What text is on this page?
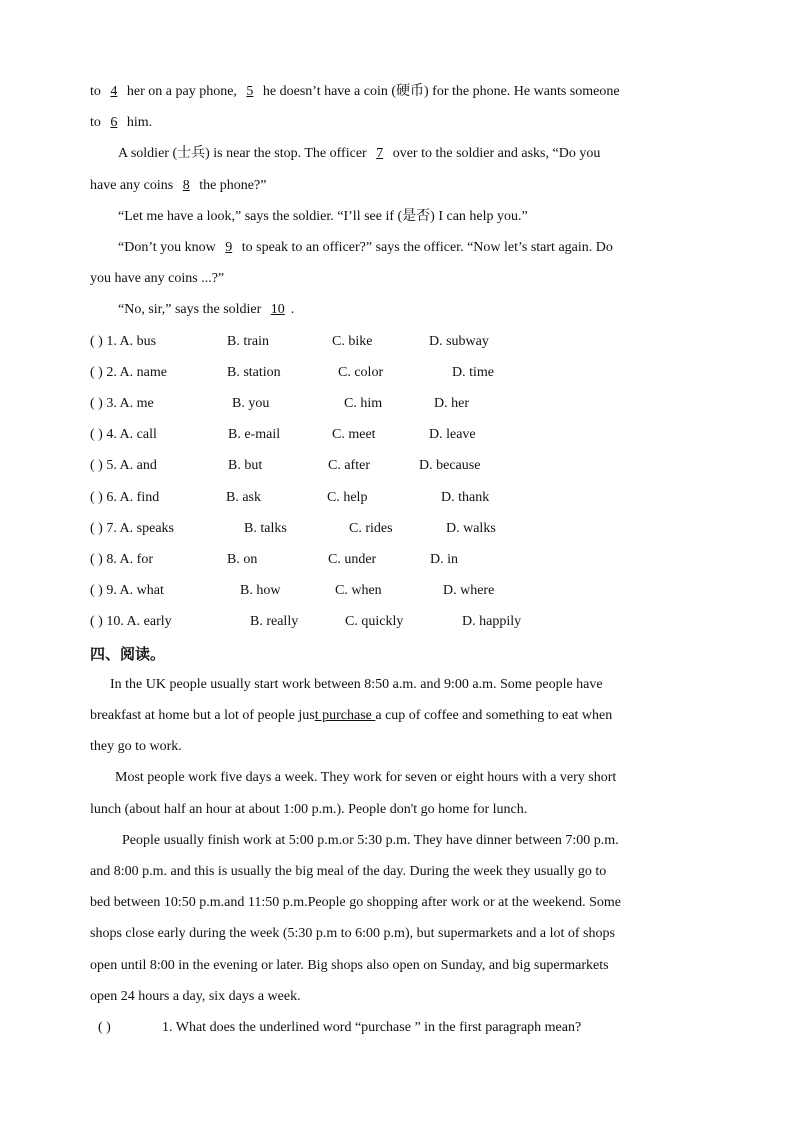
to 4 her on a pay phone, 5 he doesn’t have a coin (硬币) for the phone. He wants someone
to 6 him.
A soldier (士兵) is near the stop. The officer 7 over to the soldier and asks, “Do you
have any coins 8 the phone?”
“Let me have a look,” says the soldier. “I’ll see if (是否) I can help you.”
“Don’t you know 9 to speak to an officer?” says the officer. “Now let’s start again. Do
you have any coins ...?”
“No, sir,” says the soldier 10 .
( ) 1. A. bus	B. train	C. bike	D. subway
( ) 2. A. name	B. station	C. color	D. time
( ) 3. A. me	B. you	C. him	D. her
( ) 4. A. call	B. e-mail	C. meet	D. leave
( ) 5. A. and	B. but	C. after	D. because
( ) 6. A. find	B. ask	C. help	D. thank
( ) 7. A. speaks	B. talks	C. rides	D. walks
( ) 8. A. for	B. on	C. under	D. in
( ) 9. A. what	B. how	C. when	D. where
( ) 10. A. early	B. really	C. quickly	D. happily
四、阅读。
In the UK people usually start work between 8:50 a.m. and 9:00 a.m. Some people have
breakfast at home but a lot of people just purchase a cup of coffee and something to eat when
they go to work.
Most people work five days a week. They work for seven or eight hours with a very short
lunch (about half an hour at about 1:00 p.m.). People don't go home for lunch.
People usually finish work at 5:00 p.m.or 5:30 p.m. They have dinner between 7:00 p.m.
and 8:00 p.m. and this is usually the big meal of the day. During the week they usually go to
bed between 10:50 p.m.and 11:50 p.m.People go shopping after work or at the weekend. Some
shops close early during the week (5:30 p.m to 6:00 p.m), but supermarkets and a lot of shops
open until 8:00 in the evening or later. Big shops also open on Sunday, and big supermarkets
open 24 hours a day, six days a week.
( )	1. What does the underlined word “purchase ” in the first paragraph mean?
